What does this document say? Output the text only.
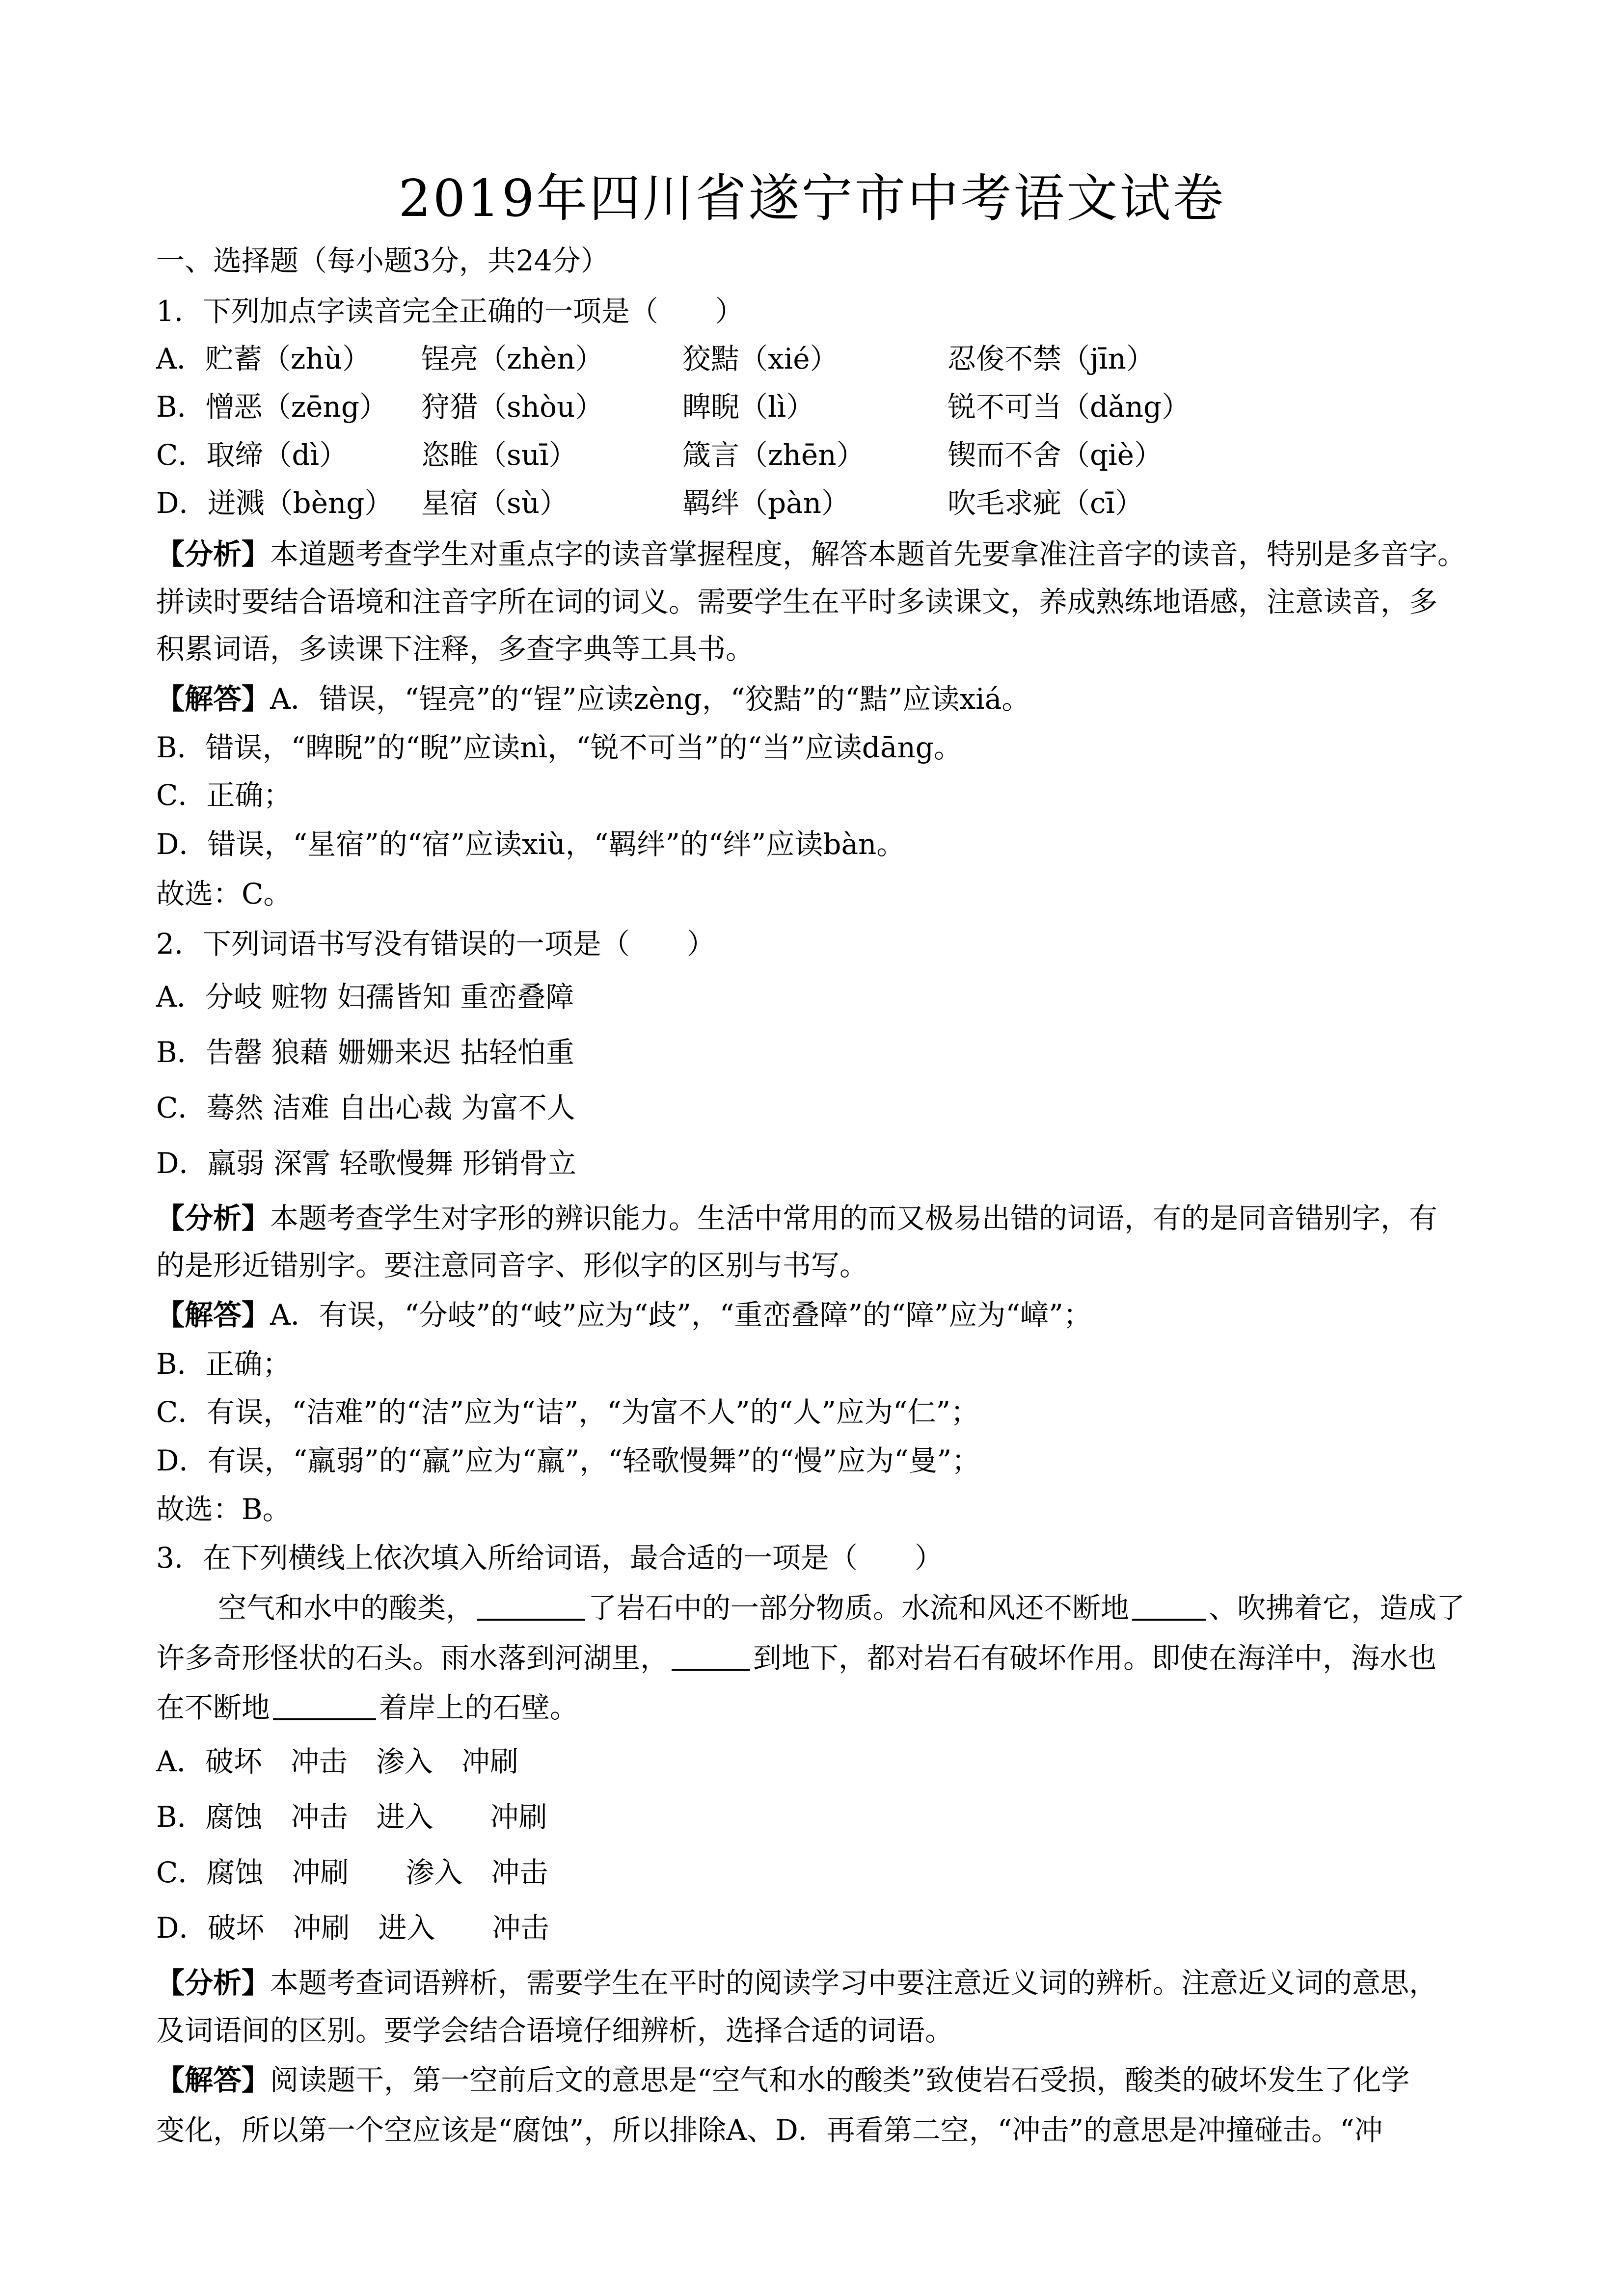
2019年四川省遂宁市中考语文试卷
一、选择题（每小题3分，共24分）
1．下列加点字读音完全正确的一项是（　　）
A．贮蓄（zhù） 锃亮（zhèn）	狡黠（xié）	忍俊不禁（jīn）
B．憎恶（zēng） 狩猎（shòu）	睥睨（lì）	锐不可当（dǎng）
C．取缔（dì）	恣睢（suī）	箴言（zhēn）	锲而不舍（qiè）
D．迸溅（bèng） 星宿（sù）	羁绊（pàn）	吹毛求疵（cī）
【分析】本道题考查学生对重点字的读音掌握程度，解答本题首先要拿准注音字的读音，特别是多音字。
拼读时要结合语境和注音字所在词的词义。需要学生在平时多读课文，养成熟练地语感，注意读音，多
积累词语，多读课下注释，多查字典等工具书。
【解答】A．错误，“锃亮”的“锃”应读zèng，“狡黠”的“黠”应读xiá。
B．错误，“睥睨”的“睨”应读nì，“锐不可当”的“当”应读dāng。
C．正确；
D．错误，“星宿”的“宿”应读xiù，“羁绊”的“绊”应读bàn。
故选：C。
2．下列词语书写没有错误的一项是（　　）
A．分岐 赃物 妇孺皆知 重峦叠障
B．告罄 狼藉 姗姗来迟 拈轻怕重
C．蓦然 洁难 自出心裁 为富不人
D．羸弱 深霄 轻歌慢舞 形销骨立
【分析】本题考查学生对字形的辨识能力。生活中常用的而又极易出错的词语，有的是同音错别字，有
的是形近错别字。要注意同音字、形似字的区别与书写。
【解答】A．有误，“分岐”的“岐”应为“歧”，“重峦叠障”的“障”应为“嶂”；
B．正确；
C．有误，“洁难”的“洁”应为“诘”，“为富不人”的“人”应为“仁”；
D．有误，“羸弱”的“羸”应为“羸”，“轻歌慢舞”的“慢”应为“曼”；
故选：B。
3．在下列横线上依次填入所给词语，最合适的一项是（　　）
空气和水中的酸类，	了岩石中的一部分物质。水流和风还不断地	、吹拂着它，造成了
许多奇形怪状的石头。雨水落到河湖里，	到地下，都对岩石有破坏作用。即使在海洋中，海水也
在不断地	着岸上的石壁。
A．破坏　冲击　渗入　冲刷
B．腐蚀　冲击　进入　　冲刷
C．腐蚀　冲刷　　渗入　冲击
D．破坏　冲刷　进入　　冲击
【分析】本题考查词语辨析，需要学生在平时的阅读学习中要注意近义词的辨析。注意近义词的意思，
及词语间的区别。要学会结合语境仔细辨析，选择合适的词语。
【解答】阅读题干，第一空前后文的意思是“空气和水的酸类”致使岩石受损，酸类的破坏发生了化学
变化，所以第一个空应该是“腐蚀”，所以排除A、D．再看第二空，“冲击”的意思是冲撞碰击。“冲
